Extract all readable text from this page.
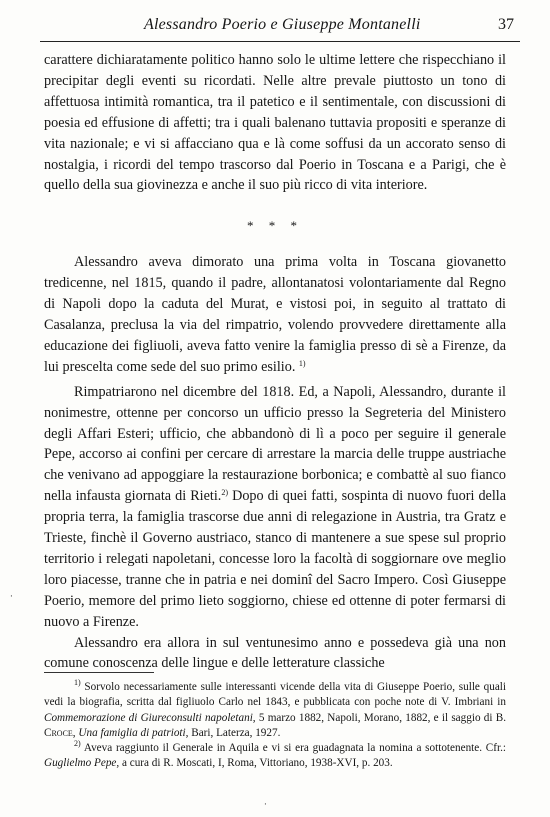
Alessandro Poerio e Giuseppe Montanelli	37

carattere dichiaratamente politico hanno solo le ultime lettere che rispecchiano il precipitar degli eventi su ricordati. Nelle altre prevale piuttosto un tono di affettuosa intimità romantica, tra il patetico e il sentimentale, con discussioni di poesia ed effusione di affetti; tra i quali balenano tuttavia propositi e speranze di vita nazionale; e vi si affacciano qua e là come soffusi da un accorato senso di nostalgia, i ricordi del tempo trascorso dal Poerio in Toscana e a Parigi, che è quello della sua giovinezza e anche il suo più ricco di vita interiore.

* * *

Alessandro aveva dimorato una prima volta in Toscana giovanetto tredicenne, nel 1815, quando il padre, allontanatosi volontariamente dal Regno di Napoli dopo la caduta del Murat, e vistosi poi, in seguito al trattato di Casalanza, preclusa la via del rimpatrio, volendo provvedere direttamente alla educazione dei figliuoli, aveva fatto venire la famiglia presso di sè a Firenze, da lui prescelta come sede del suo primo esilio. $^{1)}$

Rimpatriarono nel dicembre del 1818. Ed, a Napoli, Alessandro, durante il nonimestre, ottenne per concorso un ufficio presso la Segreteria del Ministero degli Affari Esteri; ufficio, che abbandonò di lì a poco per seguire il generale Pepe, accorso ai confini per cercare di arrestare la marcia delle truppe austriache che venivano ad appoggiare la restaurazione borbonica; e combattè al suo fianco nella infausta giornata di Rieti.$^{2)}$ Dopo di quei fatti, sospinta di nuovo fuori della propria terra, la famiglia trascorse due anni di relegazione in Austria, tra Gratz e Trieste, finchè il Governo austriaco, stanco di mantenere a sue spese sul proprio territorio i relegati napoletani, concesse loro la facoltà di soggiornare ove meglio loro piacesse, tranne che in patria e nei dominî del Sacro Impero. Così Giuseppe Poerio, memore del primo lieto soggiorno, chiese ed ottenne di poter fermarsi di nuovo a Firenze.

Alessandro era allora in sul ventunesimo anno e possedeva già una non comune conoscenza delle lingue e delle letterature classiche

$^{1)}$ Sorvolo necessariamente sulle interessanti vicende della vita di Giuseppe Poerio, sulle quali vedi la biografia, scritta dal figliuolo Carlo nel 1843, e pubblicata con poche note di V. Imbriani in Commemorazione di Giureconsulti napoletani, 5 marzo 1882, Napoli, Morano, 1882, e il saggio di B. Croce, Una famiglia di patrioti, Bari, Laterza, 1927.

$^{2)}$ Aveva raggiunto il Generale in Aquila e vi si era guadagnata la nomina a sottotenente. Cfr.: Guglielmo Pepe, a cura di R. Moscati, I, Roma, Vittoriano, 1938-XVI, p. 203.

·
·
